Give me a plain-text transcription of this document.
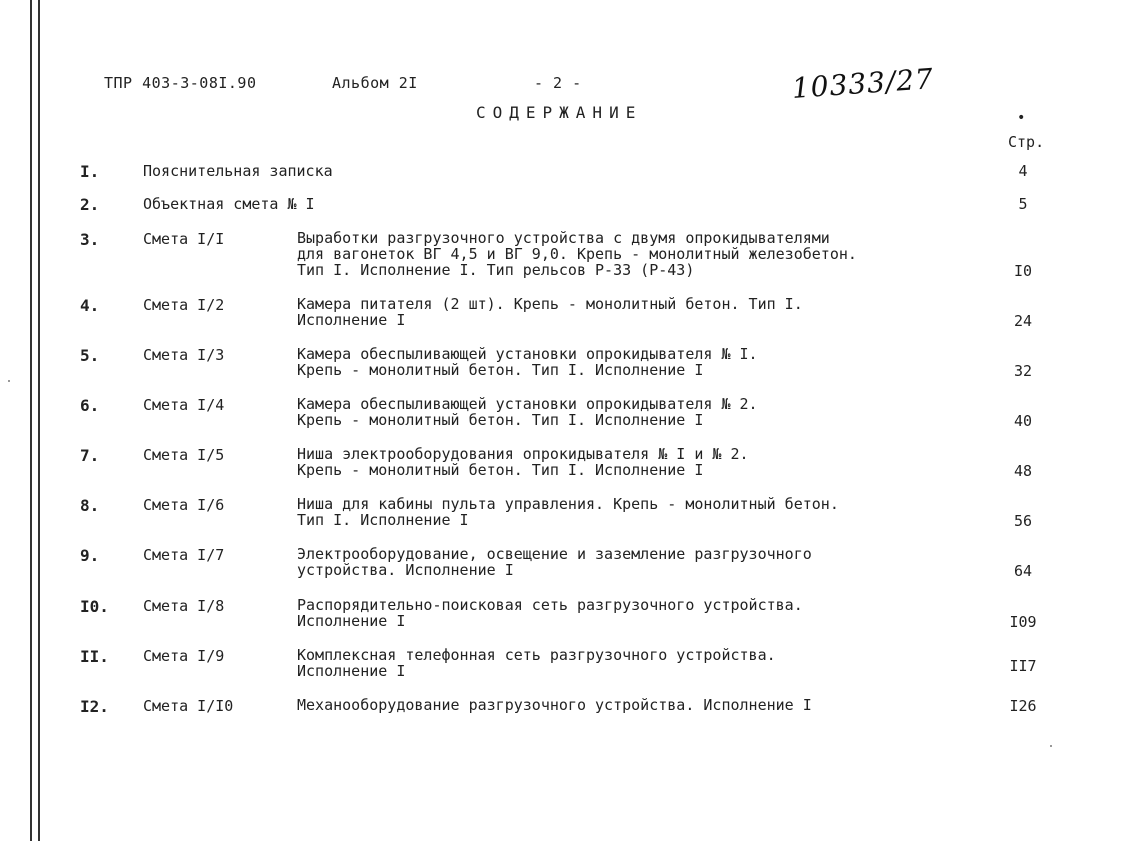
ТПР 403-3-08I.90	Альбом 2I	- 2 -	10333/27
СОДЕРЖАНИЕ	•
Стр.
I.	Пояснительная записка	4
2.	Объектная смета № I	5
3.	Смета I/I	Выработки разгрузочного устройства с двумя опрокидывателями
для вагонеток ВГ 4,5 и ВГ 9,0. Крепь - монолитный железобетон.
Тип I. Исполнение I. Тип рельсов Р-33 (Р-43)	I0
4.	Смета I/2	Камера питателя (2 шт). Крепь - монолитный бетон. Тип I.
Исполнение I	24
5.	Смета I/3	Камера обеспыливающей установки опрокидывателя № I.
Крепь - монолитный бетон. Тип I. Исполнение I	32
6.	Смета I/4	Камера обеспыливающей установки опрокидывателя № 2.
Крепь - монолитный бетон. Тип I. Исполнение I	40
7.	Смета I/5	Ниша электрооборудования опрокидывателя № I и № 2.
Крепь - монолитный бетон. Тип I. Исполнение I	48
8.	Смета I/6	Ниша для кабины пульта управления. Крепь - монолитный бетон.
Тип I. Исполнение I	56
9.	Смета I/7	Электрооборудование, освещение и заземление разгрузочного
устройства. Исполнение I	64
I0. Смета I/8	Распорядительно-поисковая сеть разгрузочного устройства.
Исполнение I	I09
II. Смета I/9	Комплексная телефонная сеть разгрузочного устройства.
Исполнение I	II7
I2. Смета I/I0	Механооборудование разгрузочного устройства. Исполнение I	I26
